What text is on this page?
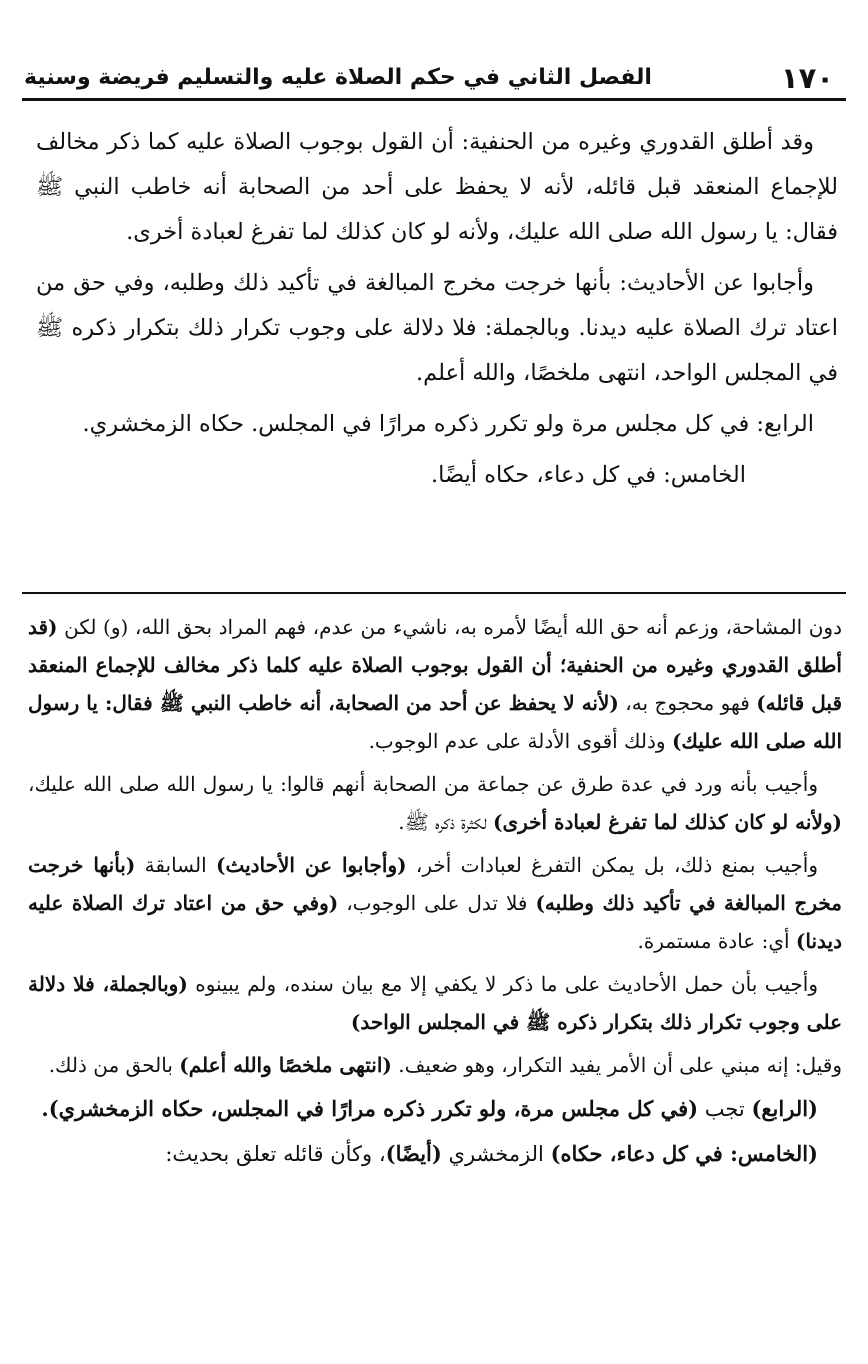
١٧٠
الفصل الثاني في حكم الصلاة عليه والتسليم فريضة وسنية

وقد أطلق القدوري وغيره من الحنفية: أن القول بوجوب الصلاة عليه كما ذكر مخالف للإجماع المنعقد قبل قائله، لأنه لا يحفظ على أحد من الصحابة أنه خاطب النبي ﷺ فقال: يا رسول الله صلى الله عليك، ولأنه لو كان كذلك لما تفرغ لعبادة أخرى.

وأجابوا عن الأحاديث: بأنها خرجت مخرج المبالغة في تأكيد ذلك وطلبه، وفي حق من اعتاد ترك الصلاة عليه ديدنا. وبالجملة: فلا دلالة على وجوب تكرار ذلك بتكرار ذكره ﷺ في المجلس الواحد، انتهى ملخصًا، والله أعلم.

الرابع: في كل مجلس مرة ولو تكرر ذكره مرارًا في المجلس. حكاه الزمخشري.

الخامس: في كل دعاء، حكاه أيضًا.

دون المشاحة، وزعم أنه حق الله أيضًا لأمره به، ناشيء من عدم، فهم المراد بحق الله، (و) لكن (قد أطلق القدوري وغيره من الحنفية؛ أن القول بوجوب الصلاة عليه كلما ذكر مخالف للإجماع المنعقد قبل قائله) فهو محجوج به، (لأنه لا يحفظ عن أحد من الصحابة، أنه خاطب النبي ﷺ فقال: يا رسول الله صلى الله عليك) وذلك أقوى الأدلة على عدم الوجوب.

وأجيب بأنه ورد في عدة طرق عن جماعة من الصحابة أنهم قالوا: يا رسول الله صلى الله عليك، (ولأنه لو كان كذلك لما تفرغ لعبادة أخرى) لكثرة ذكره ﷺ.

وأجيب بمنع ذلك، بل يمكن التفرغ لعبادات أخر، (وأجابوا عن الأحاديث) السابقة (بأنها خرجت مخرج المبالغة في تأكيد ذلك وطلبه) فلا تدل على الوجوب، (وفي حق من اعتاد ترك الصلاة عليه ديدنا) أي: عادة مستمرة.

وأجيب بأن حمل الأحاديث على ما ذكر لا يكفي إلا مع بيان سنده، ولم يبينوه (وبالجملة، فلا دلالة على وجوب تكرار ذلك بتكرار ذكره ﷺ في المجلس الواحد)

وقيل: إنه مبني على أن الأمر يفيد التكرار، وهو ضعيف. (انتهى ملخصًا والله أعلم) بالحق من ذلك.

(الرابع) تجب (في كل مجلس مرة، ولو تكرر ذكره مرارًا في المجلس، حكاه الزمخشري).

(الخامس: في كل دعاء، حكاه) الزمخشري (أيضًا)، وكأن قائله تعلق بحديث:
